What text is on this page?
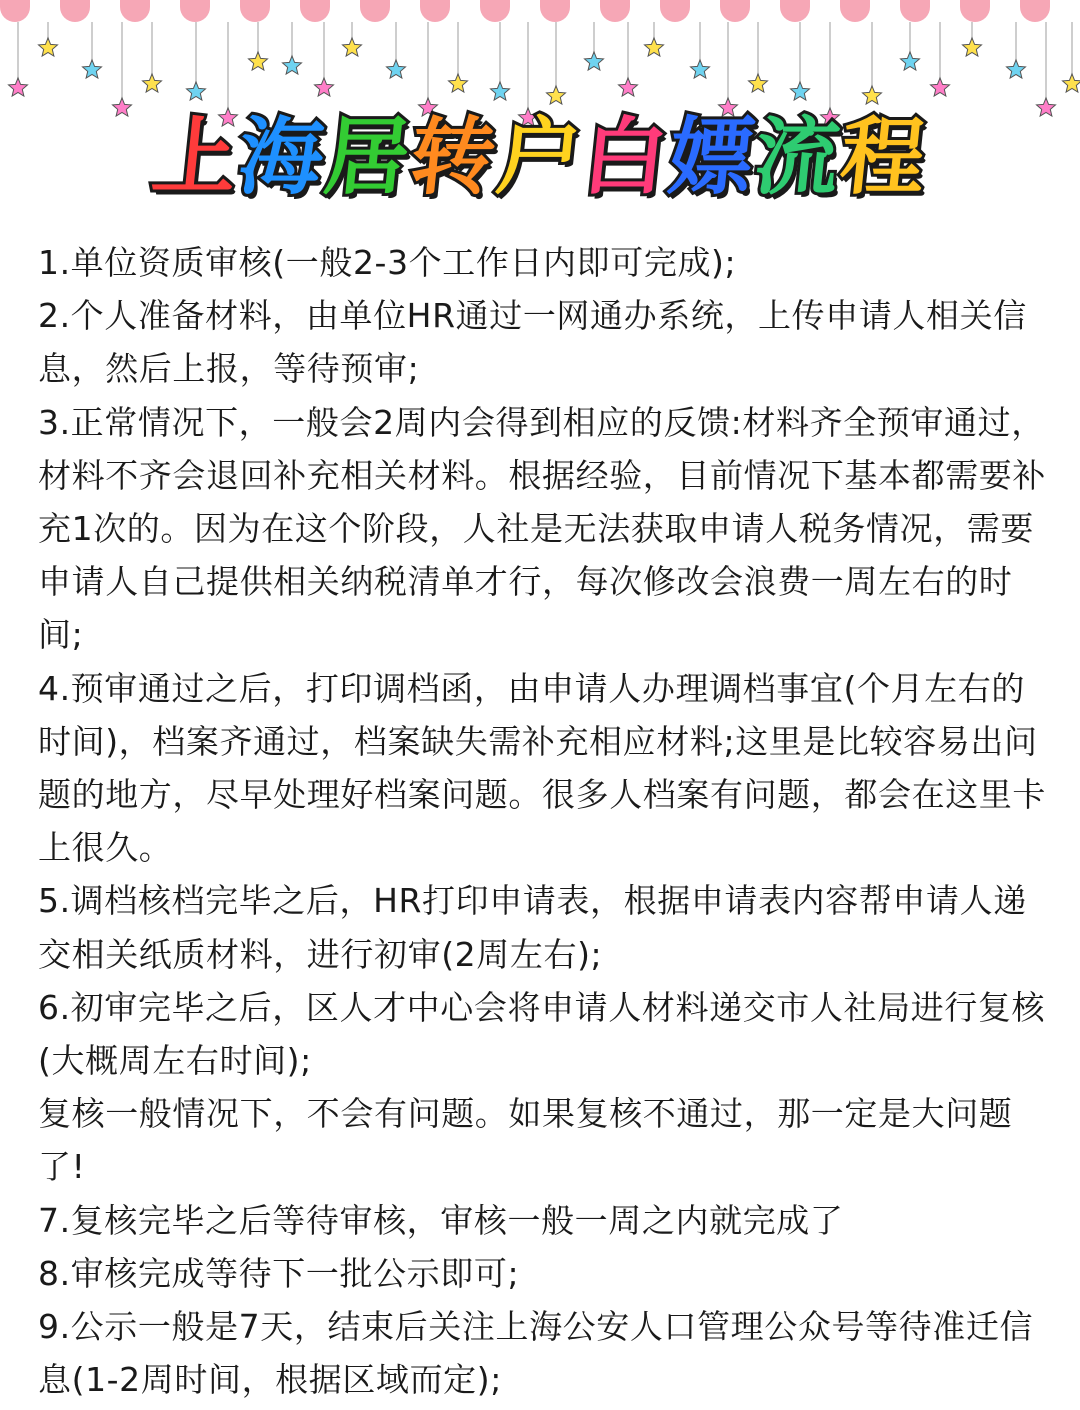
上海居转户白嫖流程

1.单位资质审核(一般2-3个工作日内即可完成);

2.个人准备材料，由单位HR通过一网通办系统，上传申请人相关信息，然后上报，等待预审;

3.正常情况下，一般会2周内会得到相应的反馈:材料齐全预审通过，材料不齐会退回补充相关材料。根据经验，目前情况下基本都需要补充1次的。因为在这个阶段，人社是无法获取申请人税务情况，需要申请人自己提供相关纳税清单才行，每次修改会浪费一周左右的时间;

4.预审通过之后，打印调档函，由申请人办理调档事宜(个月左右的时间)，档案齐通过，档案缺失需补充相应材料;这里是比较容易出问题的地方，尽早处理好档案问题。很多人档案有问题，都会在这里卡上很久。

5.调档核档完毕之后，HR打印申请表，根据申请表内容帮申请人递交相关纸质材料，进行初审(2周左右);

6.初审完毕之后，区人才中心会将申请人材料递交市人社局进行复核(大概周左右时间);

复核一般情况下，不会有问题。如果复核不通过，那一定是大问题了!

7.复核完毕之后等待审核，审核一般一周之内就完成了

8.审核完成等待下一批公示即可;

9.公示一般是7天，结束后关注上海公安人口管理公众号等待准迁信息(1-2周时间，根据区域而定);
